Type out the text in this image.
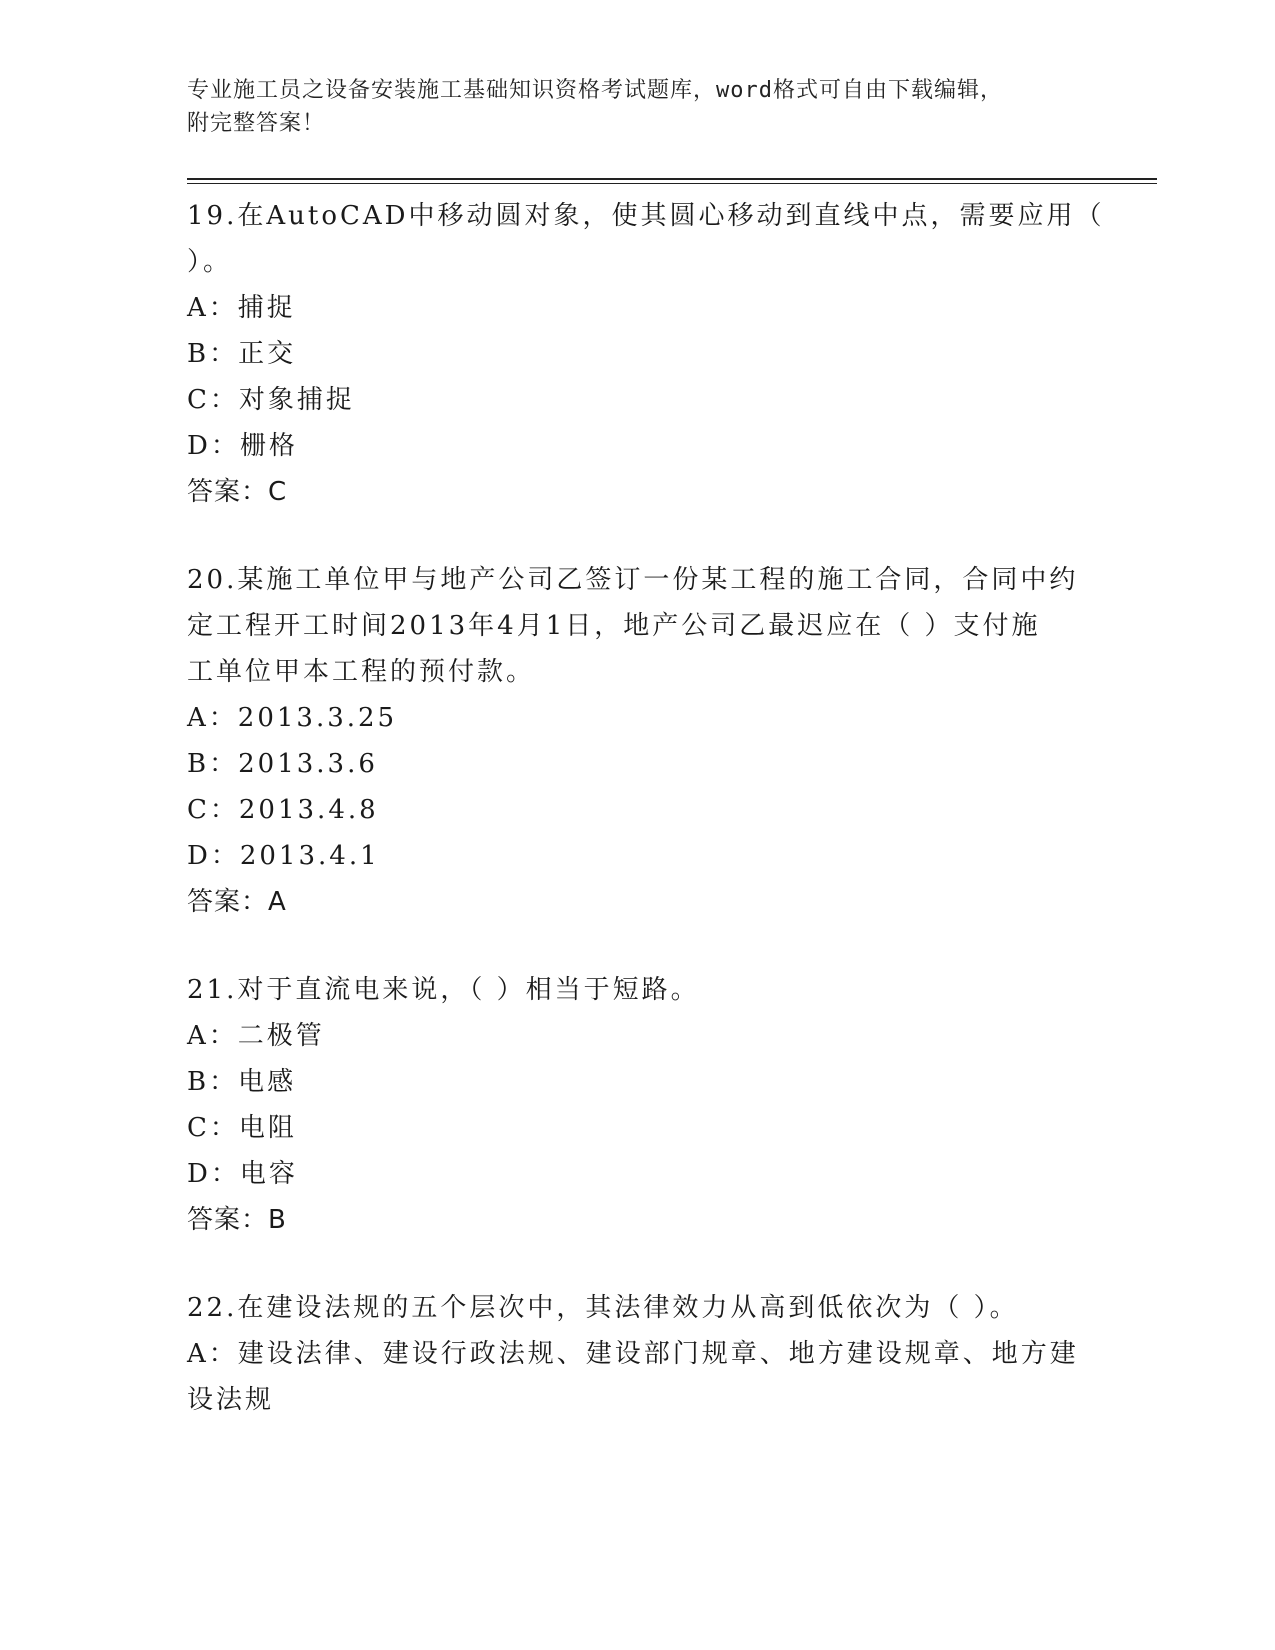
专业施工员之设备安装施工基础知识资格考试题库，word格式可自由下载编辑，
附完整答案！
19.在AutoCAD中移动圆对象，使其圆心移动到直线中点，需要应用（
）。
A：捕捉
B：正交
C：对象捕捉
D：栅格
答案：C
20.某施工单位甲与地产公司乙签订一份某工程的施工合同，合同中约
定工程开工时间2013年4月1日，地产公司乙最迟应在（ ）支付施
工单位甲本工程的预付款。
A：2013.3.25
B：2013.3.6
C：2013.4.8
D：2013.4.1
答案：A
21.对于直流电来说，（ ）相当于短路。
A：二极管
B：电感
C：电阻
D：电容
答案：B
22.在建设法规的五个层次中，其法律效力从高到低依次为（ ）。
A：建设法律、建设行政法规、建设部门规章、地方建设规章、地方建
设法规
